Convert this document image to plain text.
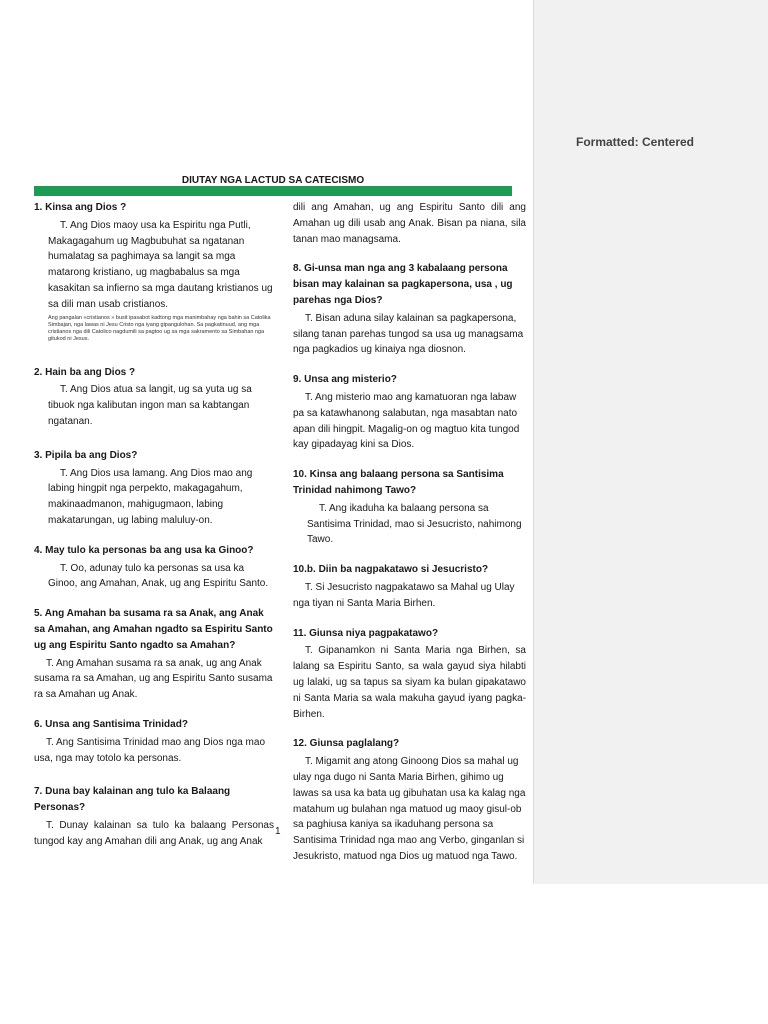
Formatted: Centered
DIUTAY NGA LACTUD SA CATECISMO
1. Kinsa ang Dios ?
T. Ang Dios maoy usa ka Espiritu nga Putli, Makagagahum ug Magbubuhat sa ngatanan humalatag sa paghimaya sa langit sa mga matarong kristiano, ug magbabalus sa mga kasakitan sa infierno sa mga dautang kristianos ug sa dili man usab cristianos.
Ang pangalan «cristianos » busit ipasabot kadtong mga manimbahay nga bahin sa Catolika Simbajan, nga lawas ni Jesu Cristo nga iyang gipangulohan. Sa pagkatinuud, ang mga cristianos nga dili Catolico nagdumili sa pagtoo ug sa mga sakramento sa Simbahan nga gitukod ni Jesus.
2. Hain ba ang Dios ?
T. Ang Dios atua sa langit, ug sa yuta ug sa tibuok nga kalibutan ingon man sa kabtangan ngatanan.
3. Pipila ba ang Dios?
T. Ang Dios usa lamang. Ang Dios mao ang labing hingpit nga perpekto, makagagahum, makinaadmanon, mahigugmaon, labing makatarungan, ug labing maluluy-on.
4. May tulo ka personas ba ang usa ka Ginoo?
T. Oo, adunay tulo ka personas sa usa ka Ginoo, ang Amahan, Anak, ug ang Espiritu Santo.
5. Ang Amahan ba susama ra sa Anak, ang Anak sa Amahan, ang Amahan ngadto sa Espiritu Santo ug ang Espiritu Santo ngadto sa Amahan?
T. Ang Amahan susama ra sa anak, ug ang Anak susama ra sa Amahan, ug ang Espiritu Santo susama ra sa Amahan ug Anak.
6. Unsa ang Santisima Trinidad?
T. Ang Santisima Trinidad mao ang Dios nga mao usa, nga may totolo ka personas.
7. Duna bay kalainan ang tulo ka Balaang Personas?
T. Dunay kalainan sa tulo ka balaang Personas tungod kay ang Amahan dili ang Anak, ug ang Anak
dili ang Amahan, ug ang Espiritu Santo dili ang Amahan ug dili usab ang Anak. Bisan pa niana, sila tanan mao managsama.
8. Gi-unsa man nga ang 3 kabalaang persona bisan may kalainan sa pagkapersona, usa , ug parehas nga Dios?
T. Bisan aduna silay kalainan sa pagkapersona, silang tanan parehas tungod sa usa ug managsama nga pagkadios ug kinaiya nga diosnon.
9. Unsa ang misterio?
T. Ang misterio mao ang kamatuoran nga labaw pa sa katawhanong salabutan, nga masabtan nato apan dili hingpit. Magalig-on og magtuo kita tungod kay gipadayag kini sa Dios.
10. Kinsa ang balaang persona sa Santisima Trinidad nahimong Tawo?
T. Ang ikaduha ka balaang persona sa Santisima Trinidad, mao si Jesucristo, nahimong Tawo.
10.b. Diin ba nagpakatawo si Jesucristo?
T. Si Jesucristo nagpakatawo sa Mahal ug Ulay nga tiyan ni Santa Maria Birhen.
11. Giunsa niya pagpakatawo?
T. Gipanamkon ni Santa Maria nga Birhen, sa lalang sa Espiritu Santo, sa wala gayud siya hilabti ug lalaki, ug sa tapus sa siyam ka bulan gipakatawo ni Santa Maria sa wala makuha gayud iyang pagka-Birhen.
12. Giunsa paglalang?
T. Migamit ang atong Ginoong Dios sa mahal ug ulay nga dugo ni Santa Maria Birhen, gihimo ug lawas sa usa ka bata ug gibuhatan usa ka kalag nga matahum ug bulahan nga matuod ug maoy gisul-ob sa paghiusa kaniya sa ikaduhang persona sa Santisima Trinidad nga mao ang Verbo, ginganlan si Jesukristo, matuod nga Dios ug matuod nga Tawo.
1
